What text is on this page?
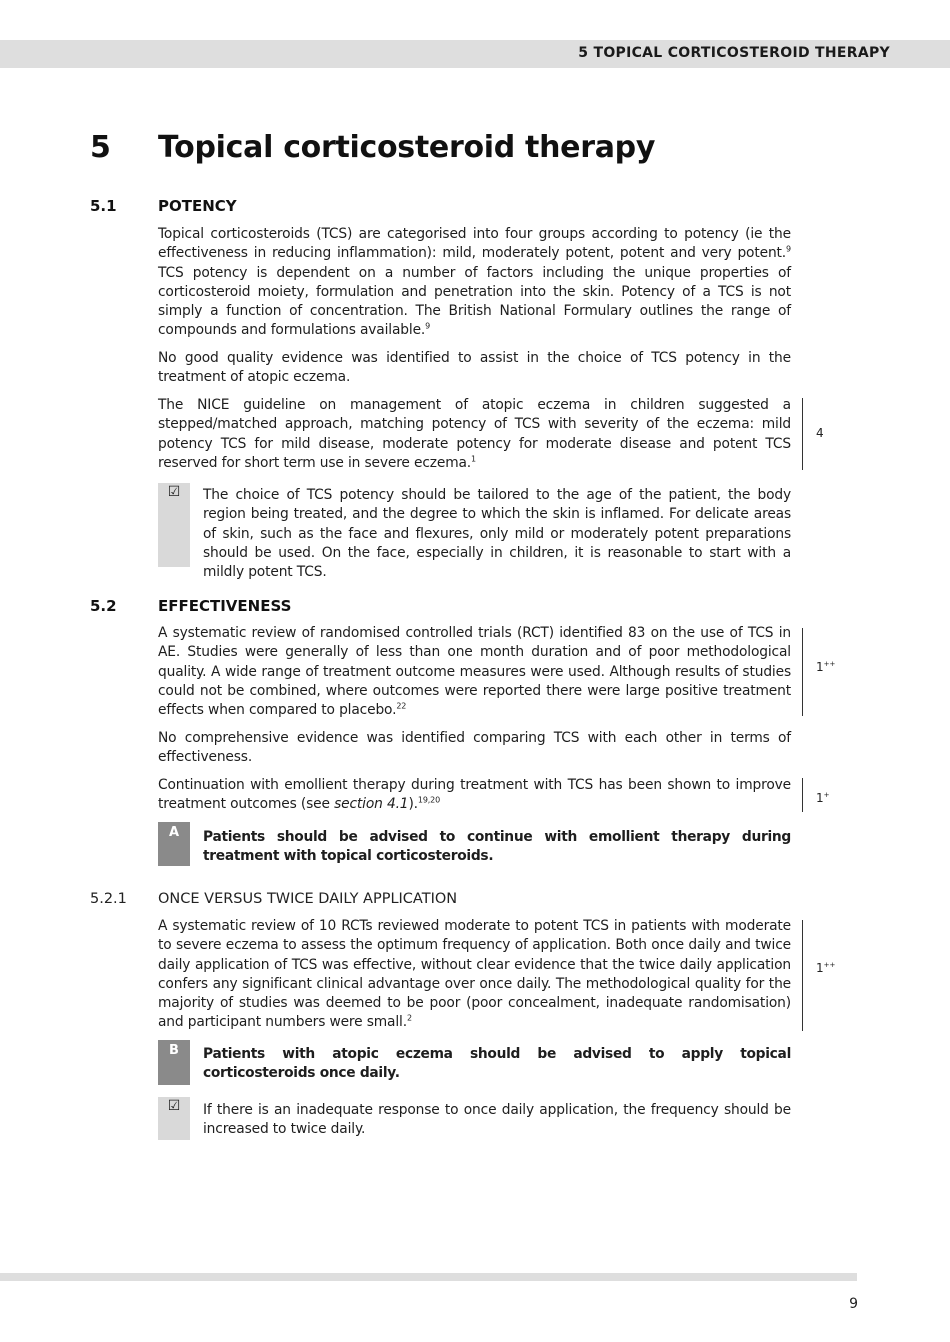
5 TOPICAL CORTICOSTEROID THERAPY
5 Topical corticosteroid therapy
5.1	POTENCY
Topical corticosteroids (TCS) are categorised into four groups according to potency (ie the effectiveness in reducing inflammation): mild, moderately potent, potent and very potent.$^9$ TCS potency is dependent on a number of factors including the unique properties of corticosteroid moiety, formulation and penetration into the skin. Potency of a TCS is not simply a function of concentration. The British National Formulary outlines the range of compounds and formulations available.$^9$
No good quality evidence was identified to assist in the choice of TCS potency in the treatment of atopic eczema.
The NICE guideline on management of atopic eczema in children suggested a stepped/matched approach, matching potency of TCS with severity of the eczema: mild potency TCS for mild disease, moderate potency for moderate disease and potent TCS reserved for short term use in severe eczema.$^1$
4
☑	The choice of TCS potency should be tailored to the age of the patient, the body region being treated, and the degree to which the skin is inflamed. For delicate areas of skin, such as the face and flexures, only mild or moderately potent preparations should be used. On the face, especially in children, it is reasonable to start with a mildly potent TCS.
5.2	EFFECTIVENESS
A systematic review of randomised controlled trials (RCT) identified 83 on the use of TCS in AE. Studies were generally of less than one month duration and of poor methodological quality. A wide range of treatment outcome measures were used. Although results of studies could not be combined, where outcomes were reported there were large positive treatment effects when compared to placebo.$^{22}$
1++
No comprehensive evidence was identified comparing TCS with each other in terms of effectiveness.
Continuation with emollient therapy during treatment with TCS has been shown to improve treatment outcomes (see section 4.1).$^{19,20}$	1+
A	Patients should be advised to continue with emollient therapy during treatment with topical corticosteroids.
5.2.1 ONCE VERSUS TWICE DAILY APPLICATION
A systematic review of 10 RCTs reviewed moderate to potent TCS in patients with moderate to severe eczema to assess the optimum frequency of application. Both once daily and twice daily application of TCS was effective, without clear evidence that the twice daily application confers any significant clinical advantage over once daily. The methodological quality for the majority of studies was deemed to be poor (poor concealment, inadequate randomisation) and participant numbers were small.$^2$
1++
B	Patients with atopic eczema should be advised to apply topical corticosteroids once daily.
☑	If there is an inadequate response to once daily application, the frequency should be increased to twice daily.
9
